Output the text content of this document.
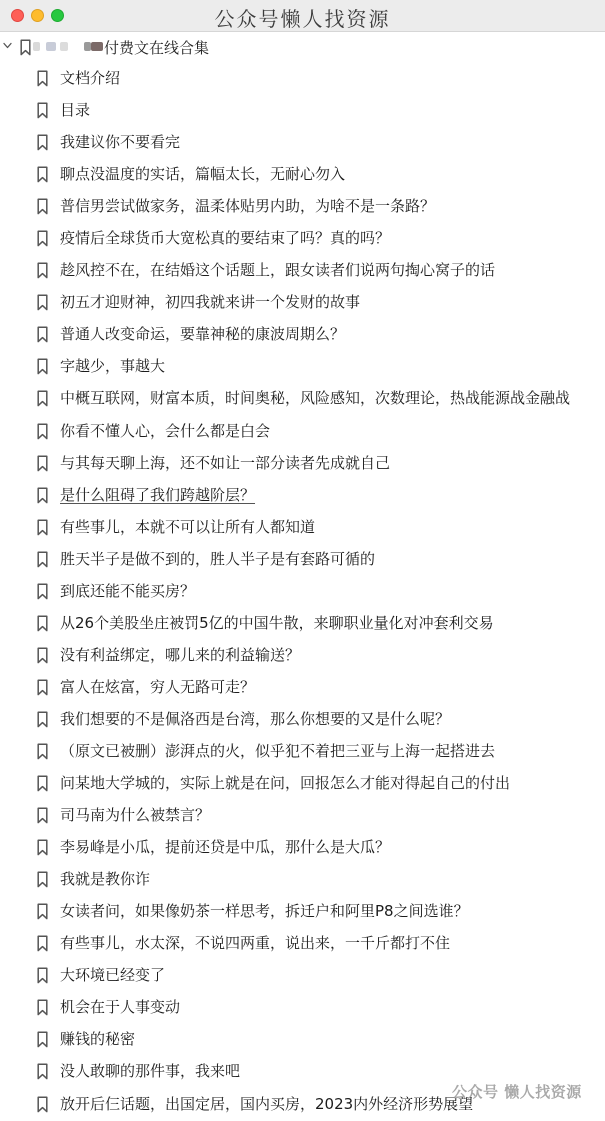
公众号懒人找资源
付费文在线合集
文档介绍
目录
我建议你不要看完
聊点没温度的实话，篇幅太长，无耐心勿入
普信男尝试做家务，温柔体贴男内助，为啥不是一条路？
疫情后全球货币大宽松真的要结束了吗？真的吗？
趁风控不在，在结婚这个话题上，跟女读者们说两句掏心窝子的话
初五才迎财神，初四我就来讲一个发财的故事
普通人改变命运，要靠神秘的康波周期么？
字越少，事越大
中概互联网，财富本质，时间奥秘，风险感知，次数理论，热战能源战金融战
你看不懂人心，会什么都是白会
与其每天聊上海，还不如让一部分读者先成就自己
是什么阻碍了我们跨越阶层？
有些事儿，本就不可以让所有人都知道
胜天半子是做不到的，胜人半子是有套路可循的
到底还能不能买房？
从26个美股坐庄被罚5亿的中国牛散，来聊职业量化对冲套利交易
没有利益绑定，哪儿来的利益输送？
富人在炫富，穷人无路可走？
我们想要的不是佩洛西是台湾，那么你想要的又是什么呢？
（原文已被删）澎湃点的火，似乎犯不着把三亚与上海一起搭进去
问某地大学城的，实际上就是在问，回报怎么才能对得起自己的付出
司马南为什么被禁言？
李易峰是小瓜，提前还贷是中瓜，那什么是大瓜？
我就是教你诈
女读者问，如果像奶茶一样思考，拆迁户和阿里P8之间选谁？
有些事儿，水太深，不说四两重，说出来，一千斤都打不住
大环境已经变了
机会在于人事变动
赚钱的秘密
没人敢聊的那件事，我来吧
放开后仨话题，出国定居，国内买房，2023内外经济形势展望
公众号 懒人找资源
